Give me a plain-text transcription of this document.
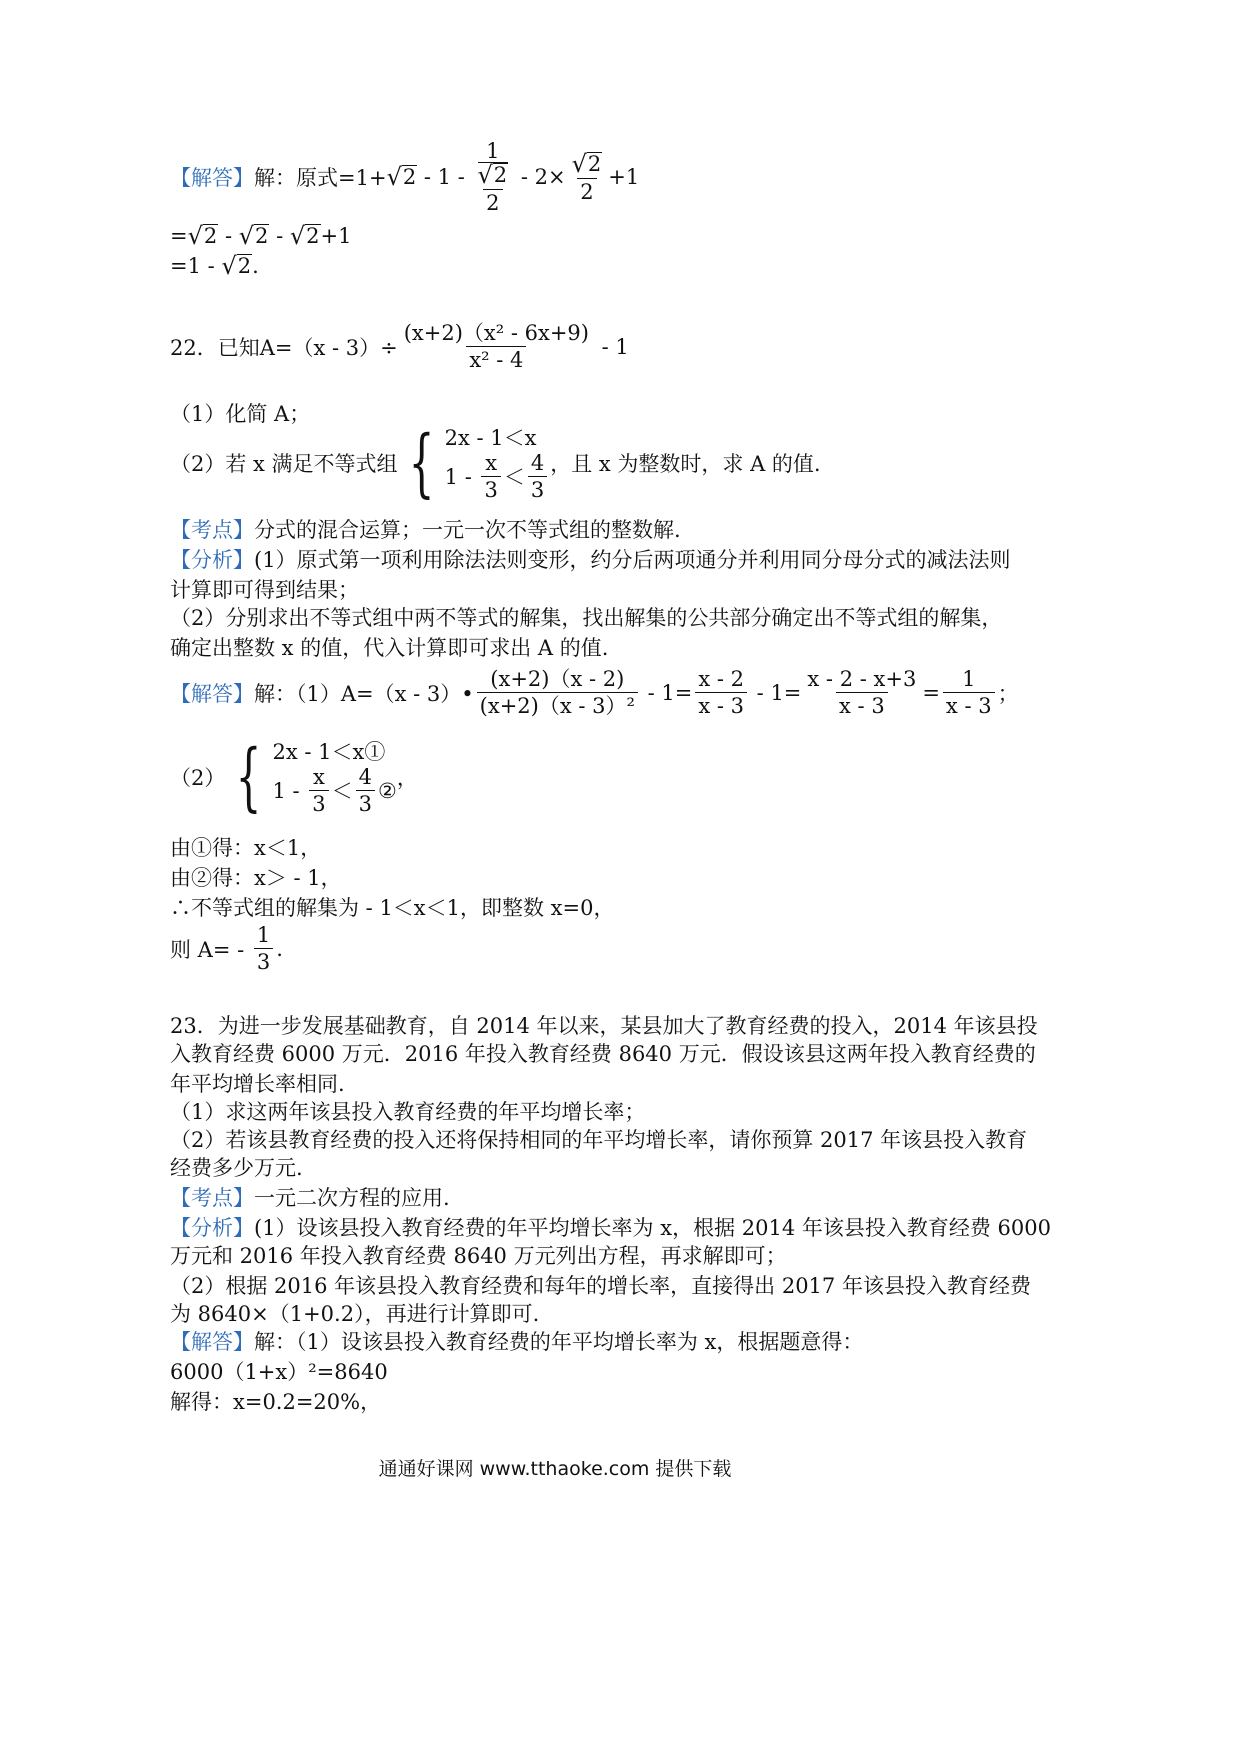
【解答】 解：原式=1+ √ 2 - 1 - 1
√ 2
$2 - 2\times \frac{√ 2}{2} +1$
= √ 2 - √ 2 - √ 2 +1
=1 - √ 2 .
22．已知$A=(x - 3)\div \frac{\text{(x+2)（x² - 6x+9)}}{\text{x² - 4}} - 1$
（1）化简 A；
（2）若 x 满足不等式组 { 2x - 1＜x
$1 - \frac{x}{3} < \frac{4}{3}$ ，且 x 为整数时，求 A 的值.
【考点】分式的混合运算；一元一次不等式组的整数解.
【分析】(1）原式第一项利用除法法则变形，约分后两项通分并利用同分母分式的减法法则
计算即可得到结果；
（2）分别求出不等式组中两不等式的解集，找出解集的公共部分确定出不等式组的解集，
确定出整数 x 的值，代入计算即可求出 A 的值.
【解答】 解：（1）A=（x - 3）• $\frac{(x+2)(x - 2)}{\text{(x+2)（x - 3）²}} - 1= \frac{x - 2}{x - 3} - 1= \frac{x - 2 - x+3}{x - 3} = \frac{1}{x - 3}$ ；
（2） { 2x - 1＜x①
$1 - \frac{x}{3} < \frac{4}{3}$ ②
，
由①得：x＜1，
由②得：x＞ - 1，
∴不等式组的解集为 - 1＜x＜1，即整数 x=0，
则 $A= - \frac{1}{3}$ .
23．为进一步发展基础教育，自 2014 年以来，某县加大了教育经费的投入，2014 年该县投
入教育经费 6000 万元．2016 年投入教育经费 8640 万元．假设该县这两年投入教育经费的
年平均增长率相同.
（1）求这两年该县投入教育经费的年平均增长率；
（2）若该县教育经费的投入还将保持相同的年平均增长率，请你预算 2017 年该县投入教育
经费多少万元.
【考点】一元二次方程的应用.
【分析】(1）设该县投入教育经费的年平均增长率为 x，根据 2014 年该县投入教育经费 6000
万元和 2016 年投入教育经费 8640 万元列出方程，再求解即可；
（2）根据 2016 年该县投入教育经费和每年的增长率，直接得出 2017 年该县投入教育经费
为 8640×（1+0.2），再进行计算即可.
【解答】解：（1）设该县投入教育经费的年平均增长率为 x，根据题意得：
6000（1+x）²=8640
解得：x=0.2=20%，
通通好课网 www.tthaoke.com 提供下载
